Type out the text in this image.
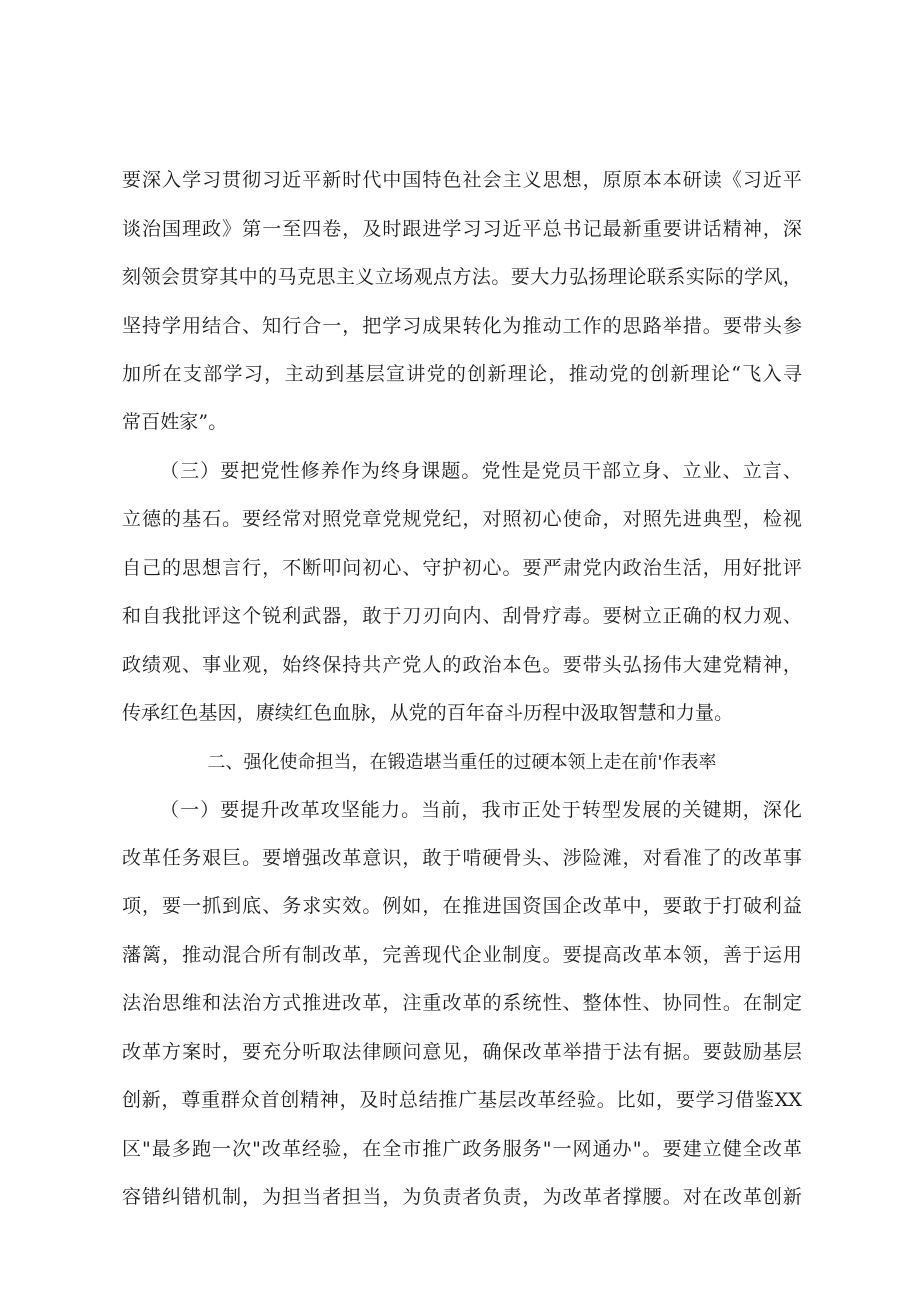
要深入学习贯彻习近平新时代中国特色社会主义思想，原原本本研读《习近平
谈治国理政》第一至四卷，及时跟进学习习近平总书记最新重要讲话精神，深
刻领会贯穿其中的马克思主义立场观点方法。要大力弘扬理论联系实际的学风，
坚持学用结合、知行合一，把学习成果转化为推动工作的思路举措。要带头参
加所在支部学习，主动到基层宣讲党的创新理论，推动党的创新理论“飞入寻
常百姓家”。
（三）要把党性修养作为终身课题。党性是党员干部立身、立业、立言、
立德的基石。要经常对照党章党规党纪，对照初心使命，对照先进典型，检视
自己的思想言行，不断叩问初心、守护初心。要严肃党内政治生活，用好批评
和自我批评这个锐利武器，敢于刀刃向内、刮骨疗毒。要树立正确的权力观、
政绩观、事业观，始终保持共产党人的政治本色。要带头弘扬伟大建党精神，
传承红色基因，赓续红色血脉，从党的百年奋斗历程中汲取智慧和力量。
二、强化使命担当，在锻造堪当重任的过硬本领上走在前'作表率
（一）要提升改革攻坚能力。当前，我市正处于转型发展的关键期，深化
改革任务艰巨。要增强改革意识，敢于啃硬骨头、涉险滩，对看准了的改革事
项，要一抓到底、务求实效。例如，在推进国资国企改革中，要敢于打破利益
藩篱，推动混合所有制改革，完善现代企业制度。要提高改革本领，善于运用
法治思维和法治方式推进改革，注重改革的系统性、整体性、协同性。在制定
改革方案时，要充分听取法律顾问意见，确保改革举措于法有据。要鼓励基层
创新，尊重群众首创精神，及时总结推广基层改革经验。比如，要学习借鉴XX
区"最多跑一次"改革经验，在全市推广政务服务"一网通办"。要建立健全改革
容错纠错机制，为担当者担当，为负责者负责，为改革者撑腰。对在改革创新
